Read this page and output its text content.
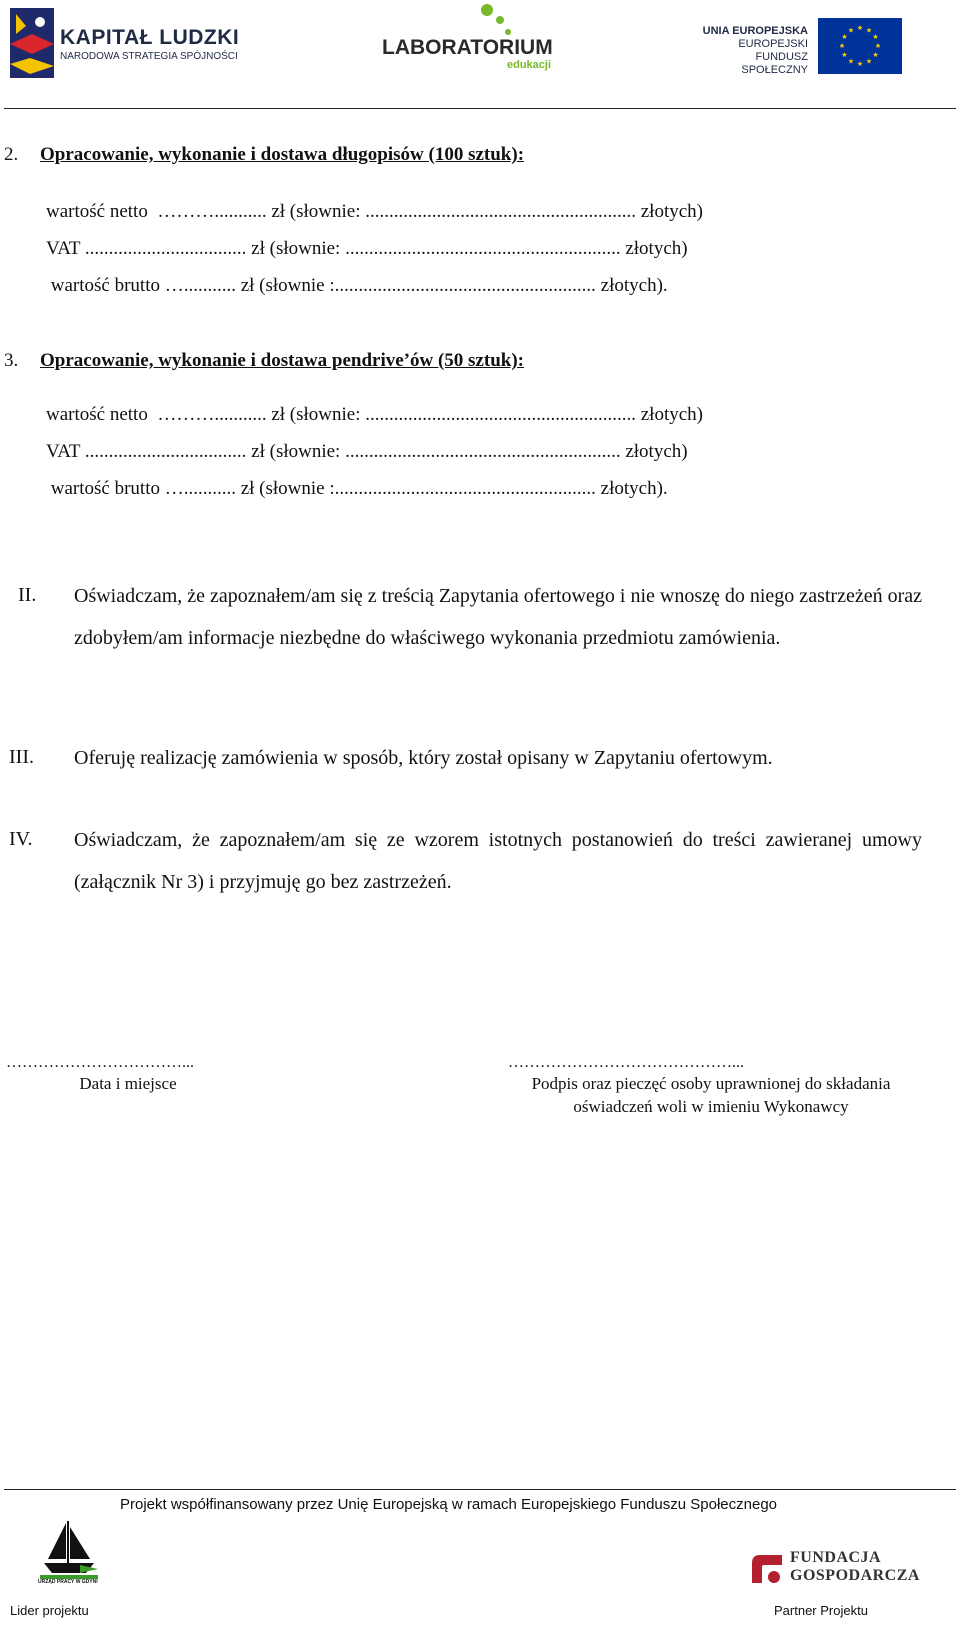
KAPITAŁ LUDZKI
NARODOWA STRATEGIA SPÓJNOŚCI	LABORATORIUM
edukacji
UNIA EUROPEJSKA
EUROPEJSKI
FUNDUSZ SPOŁECZNY
★ ★
★
★
★
★
★
★
★
★
★
★
2. Opracowanie, wykonanie i dostawa długopisów (100 sztuk):
wartość netto  ………........... zł (słownie: ......................................................... złotych)
VAT .................................. zł (słownie: .......................................................... złotych)
wartość brutto …........... zł (słownie :....................................................... złotych).
3. Opracowanie, wykonanie i dostawa pendrive’ów (50 sztuk):
wartość netto  ………........... zł (słownie: ......................................................... złotych)
VAT .................................. zł (słownie: .......................................................... złotych)
wartość brutto …........... zł (słownie :....................................................... złotych).
II. Oświadczam, że zapoznałem/am się z treścią Zapytania ofertowego i nie wnoszę do niego zastrzeżeń oraz zdobyłem/am informacje niezbędne do właściwego wykonania przedmiotu zamówienia.
III. Oferuję realizację zamówienia w sposób, który został opisany w Zapytaniu ofertowym.
IV. Oświadczam, że zapoznałem/am się ze wzorem istotnych postanowień do treści zawieranej umowy (załącznik Nr 3) i przyjmuję go bez zastrzeżeń.
……………………………...
Data i miejsce
……………………………………...
Podpis oraz pieczęć osoby uprawnionej do składania
oświadczeń woli w imieniu Wykonawcy
Projekt współfinansowany przez Unię Europejską w ramach Europejskiego Funduszu Społecznego
URZĄD PRACY W GDYNI
Lider projektu
FUNDACJA
GOSPODARCZA
Partner Projektu
